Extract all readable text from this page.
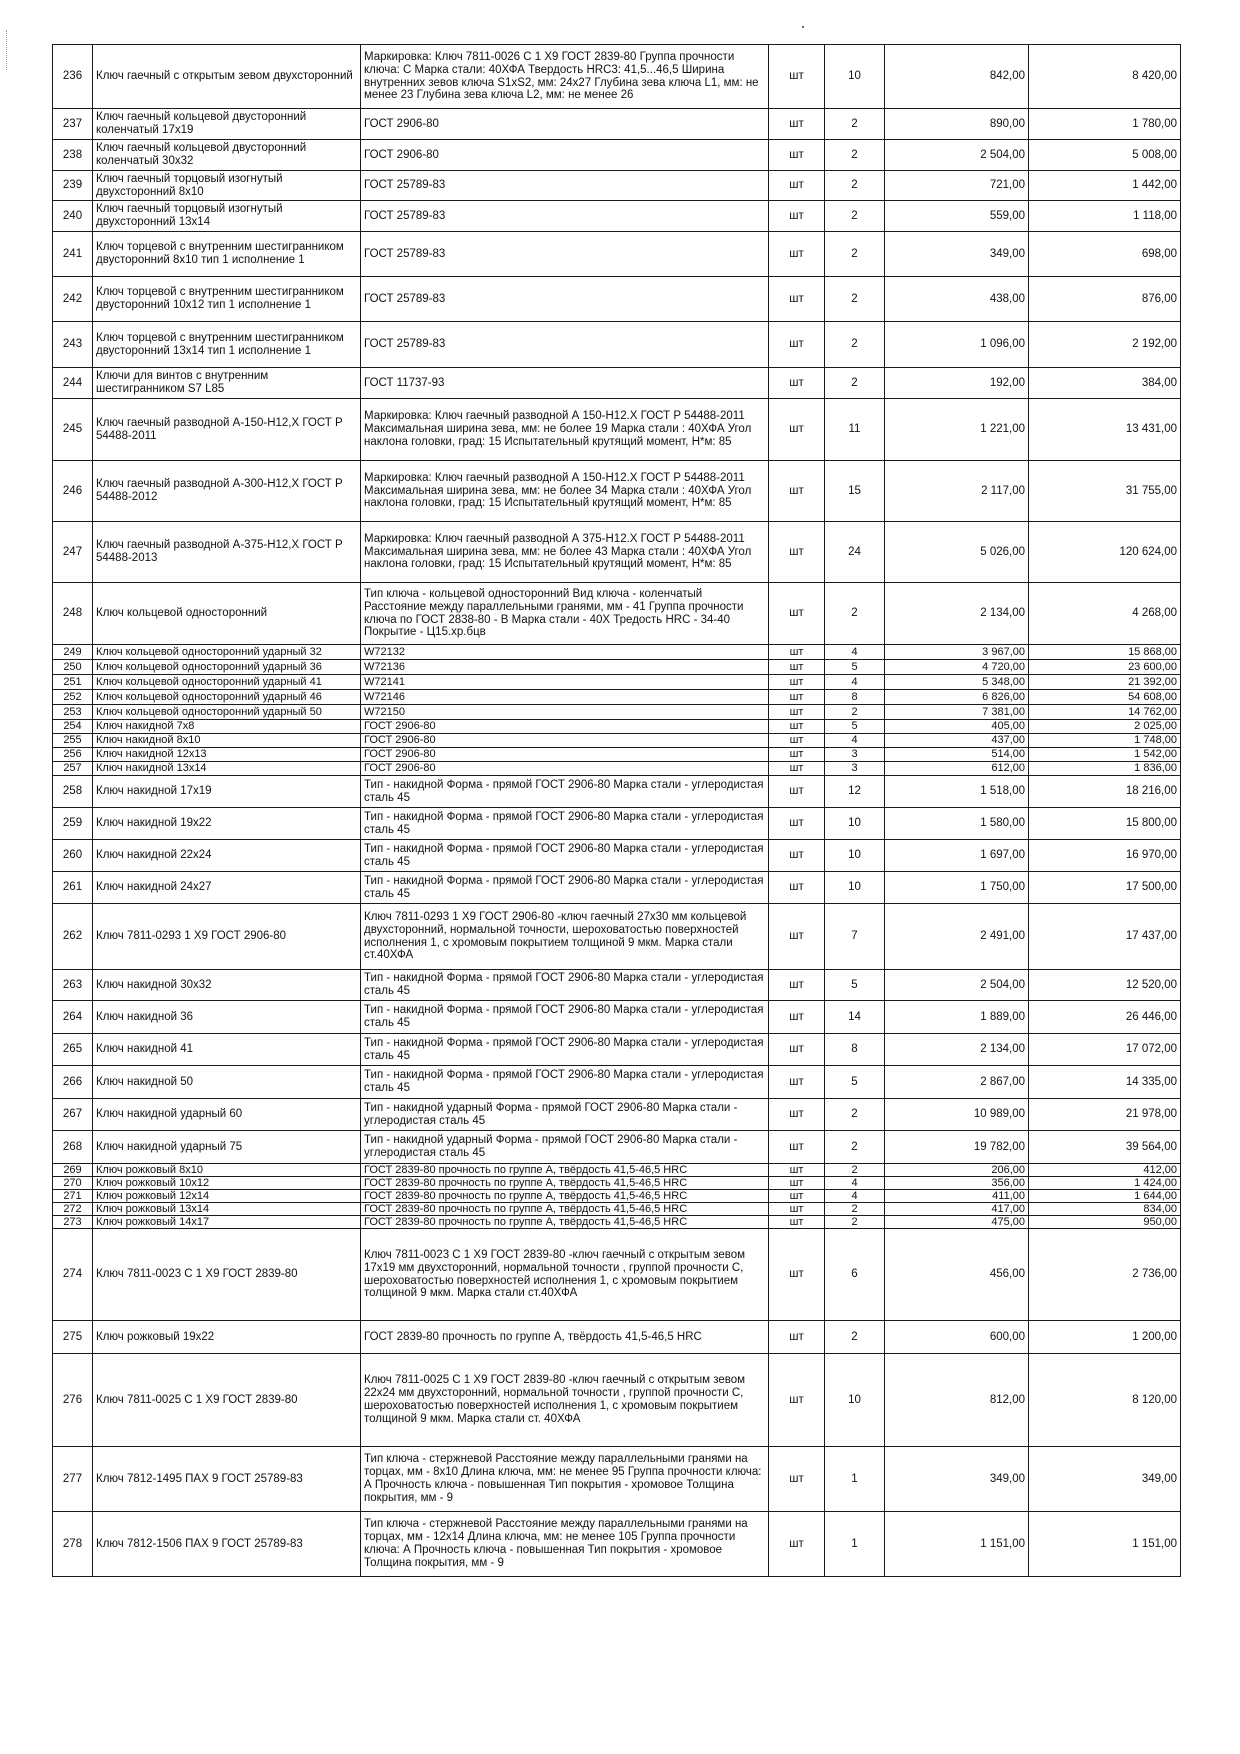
236	Ключ гаечный с открытым зевом двухсторонний	Маркировка: Ключ 7811-0026 С 1 Х9 ГОСТ 2839-80 Группа прочности ключа: С Марка стали: 40ХФА Твердость HRC3: 41,5...46,5 Ширина внутренних зевов ключа S1хS2, мм: 24х27 Глубина зева ключа L1, мм: не менее 23 Глубина зева ключа L2, мм: не менее 26	шт	10	842,00	8 420,00
237	Ключ гаечный кольцевой двусторонний коленчатый 17х19	ГОСТ 2906-80	шт	2	890,00	1 780,00
238	Ключ гаечный кольцевой двусторонний коленчатый 30х32	ГОСТ 2906-80	шт	2	2 504,00	5 008,00
239	Ключ гаечный торцовый изогнутый двухсторонний 8х10	ГОСТ 25789-83	шт	2	721,00	1 442,00
240	Ключ гаечный торцовый изогнутый двухсторонний 13х14	ГОСТ 25789-83	шт	2	559,00	1 118,00
241	Ключ торцевой с внутренним шестигранником двусторонний 8х10 тип 1 исполнение 1	ГОСТ 25789-83	шт	2	349,00	698,00
242	Ключ торцевой с внутренним шестигранником двусторонний 10х12 тип 1 исполнение 1	ГОСТ 25789-83	шт	2	438,00	876,00
243	Ключ торцевой с внутренним шестигранником двусторонний 13х14 тип 1 исполнение 1	ГОСТ 25789-83	шт	2	1 096,00	2 192,00
244	Ключи для винтов с внутренним шестигранником S7 L85	ГОСТ 11737-93	шт	2	192,00	384,00
245	Ключ гаечный разводной А-150-Н12,Х ГОСТ Р 54488-2011	Маркировка: Ключ гаечный разводной А 150-Н12.Х ГОСТ Р 54488-2011 Максимальная ширина зева, мм: не более 19 Марка стали : 40ХФА Угол наклона головки, град: 15 Испытательный крутящий момент, Н*м: 85	шт	11	1 221,00	13 431,00
246	Ключ гаечный разводной А-300-Н12,Х ГОСТ Р 54488-2012	Маркировка: Ключ гаечный разводной А 150-Н12.Х ГОСТ Р 54488-2011 Максимальная ширина зева, мм: не более 34 Марка стали : 40ХФА Угол наклона головки, град: 15 Испытательный крутящий момент, Н*м: 85	шт	15	2 117,00	31 755,00
247	Ключ гаечный разводной А-375-Н12,Х ГОСТ Р 54488-2013	Маркировка: Ключ гаечный разводной А 375-Н12.Х ГОСТ Р 54488-2011 Максимальная ширина зева, мм: не более 43 Марка стали : 40ХФА Угол наклона головки, град: 15 Испытательный крутящий момент, Н*м: 85	шт	24	5 026,00	120 624,00
248	Ключ кольцевой односторонний	Тип ключа - кольцевой односторонний Вид ключа - коленчатый Расстояние между параллельными гранями, мм - 41 Группа прочности ключа по ГОСТ 2838-80 - В Марка стали - 40Х Тредость HRC - 34-40 Покрытие - Ц15.хр.бцв	шт	2	2 134,00	4 268,00
249	Ключ кольцевой односторонний ударный 32	W72132	шт	4	3 967,00	15 868,00
250	Ключ кольцевой односторонний ударный 36	W72136	шт	5	4 720,00	23 600,00
251	Ключ кольцевой односторонний ударный 41	W72141	шт	4	5 348,00	21 392,00
252	Ключ кольцевой односторонний ударный 46	W72146	шт	8	6 826,00	54 608,00
253	Ключ кольцевой односторонний ударный 50	W72150	шт	2	7 381,00	14 762,00
254	Ключ накидной 7х8	ГОСТ 2906-80	шт	5	405,00	2 025,00
255	Ключ накидной 8х10	ГОСТ 2906-80	шт	4	437,00	1 748,00
256	Ключ накидной 12х13	ГОСТ 2906-80	шт	3	514,00	1 542,00
257	Ключ накидной 13х14	ГОСТ 2906-80	шт	3	612,00	1 836,00
258	Ключ накидной 17х19	Тип - накидной Форма - прямой ГОСТ 2906-80 Марка стали - углеродистая сталь 45	шт	12	1 518,00	18 216,00
259	Ключ накидной 19х22	Тип - накидной Форма - прямой ГОСТ 2906-80 Марка стали - углеродистая сталь 45	шт	10	1 580,00	15 800,00
260	Ключ накидной 22х24	Тип - накидной Форма - прямой ГОСТ 2906-80 Марка стали - углеродистая сталь 45	шт	10	1 697,00	16 970,00
261	Ключ накидной 24х27	Тип - накидной Форма - прямой ГОСТ 2906-80 Марка стали - углеродистая сталь 45	шт	10	1 750,00	17 500,00
262	Ключ 7811-0293 1 Х9 ГОСТ 2906-80	Ключ 7811-0293 1 Х9 ГОСТ 2906-80 -ключ гаечный 27х30 мм кольцевой двухсторонний, нормальной точности, шероховатостью поверхностей исполнения 1, с хромовым покрытием толщиной 9 мкм. Марка стали ст.40ХФА	шт	7	2 491,00	17 437,00
263	Ключ накидной 30х32	Тип - накидной Форма - прямой ГОСТ 2906-80 Марка стали - углеродистая сталь 45	шт	5	2 504,00	12 520,00
264	Ключ накидной 36	Тип - накидной Форма - прямой ГОСТ 2906-80 Марка стали - углеродистая сталь 45	шт	14	1 889,00	26 446,00
265	Ключ накидной 41	Тип - накидной Форма - прямой ГОСТ 2906-80 Марка стали - углеродистая сталь 45	шт	8	2 134,00	17 072,00
266	Ключ накидной 50	Тип - накидной Форма - прямой ГОСТ 2906-80 Марка стали - углеродистая сталь 45	шт	5	2 867,00	14 335,00
267	Ключ накидной ударный 60	Тип - накидной ударный Форма - прямой ГОСТ 2906-80 Марка стали - углеродистая сталь 45	шт	2	10 989,00	21 978,00
268	Ключ накидной ударный 75	Тип - накидной ударный Форма - прямой ГОСТ 2906-80 Марка стали - углеродистая сталь 45	шт	2	19 782,00	39 564,00
269	Ключ рожковый 8х10	ГОСТ 2839-80 прочность по группе А, твёрдость 41,5-46,5 HRC	шт	2	206,00	412,00
270	Ключ рожковый 10х12	ГОСТ 2839-80 прочность по группе А, твёрдость 41,5-46,5 HRC	шт	4	356,00	1 424,00
271	Ключ рожковый 12х14	ГОСТ 2839-80 прочность по группе А, твёрдость 41,5-46,5 HRC	шт	4	411,00	1 644,00
272	Ключ рожковый 13х14	ГОСТ 2839-80 прочность по группе А, твёрдость 41,5-46,5 HRC	шт	2	417,00	834,00
273	Ключ рожковый 14х17	ГОСТ 2839-80 прочность по группе А, твёрдость 41,5-46,5 HRC	шт	2	475,00	950,00
274	Ключ 7811-0023 С 1 Х9 ГОСТ 2839-80	Ключ 7811-0023 С 1 Х9 ГОСТ 2839-80 -ключ гаечный с открытым зевом 17х19 мм двухсторонний, нормальной точности , группой прочности С, шероховатостью поверхностей исполнения 1, с хромовым покрытием толщиной 9 мкм. Марка стали ст.40ХФА	шт	6	456,00	2 736,00
275	Ключ рожковый 19х22	ГОСТ 2839-80 прочность по группе А, твёрдость 41,5-46,5 HRC	шт	2	600,00	1 200,00
276	Ключ 7811-0025 С 1 Х9 ГОСТ 2839-80	Ключ 7811-0025 С 1 Х9 ГОСТ 2839-80 -ключ гаечный с открытым зевом 22х24 мм двухсторонний, нормальной точности , группой прочности С, шероховатостью поверхностей исполнения 1, с хромовым покрытием толщиной 9 мкм. Марка стали ст. 40ХФА	шт	10	812,00	8 120,00
277	Ключ 7812-1495 ПАХ 9 ГОСТ 25789-83	Тип ключа - стержневой Расстояние между параллельными гранями на торцах, мм - 8х10 Длина ключа, мм: не менее 95 Группа прочности ключа: А Прочность ключа - повышенная Тип покрытия - хромовое Толщина покрытия, мм - 9	шт	1	349,00	349,00
278	Ключ 7812-1506 ПАХ 9 ГОСТ 25789-83	Тип ключа - стержневой Расстояние между параллельными гранями на торцах, мм - 12х14 Длина ключа, мм: не менее 105 Группа прочности ключа: А Прочность ключа - повышенная Тип покрытия - хромовое Толщина покрытия, мм - 9	шт	1	1 151,00	1 151,00
